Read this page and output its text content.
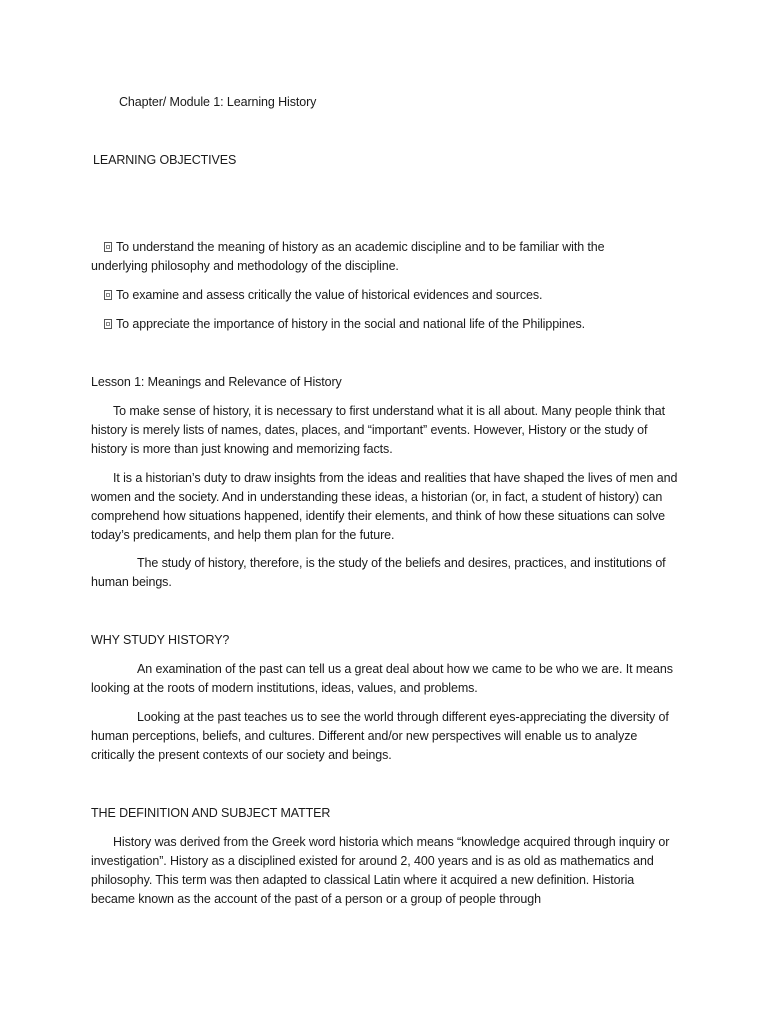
Chapter/ Module 1: Learning History
LEARNING OBJECTIVES
To understand the meaning of history as an academic discipline and to be familiar with the underlying philosophy and methodology of the discipline.
To examine and assess critically the value of historical evidences and sources.
To appreciate the importance of history in the social and national life of the Philippines.
Lesson 1: Meanings and Relevance of History
To make sense of history, it is necessary to first understand what it is all about. Many people think that history is merely lists of names, dates, places, and “important” events. However, History or the study of history is more than just knowing and memorizing facts.
It is a historian’s duty to draw insights from the ideas and realities that have shaped the lives of men and women and the society. And in understanding these ideas, a historian (or, in fact, a student of history) can comprehend how situations happened, identify their elements, and think of how these situations can solve today’s predicaments, and help them plan for the future.
The study of history, therefore, is the study of the beliefs and desires, practices, and institutions of human beings.
WHY STUDY HISTORY?
An examination of the past can tell us a great deal about how we came to be who we are. It means looking at the roots of modern institutions, ideas, values, and problems.
Looking at the past teaches us to see the world through different eyes-appreciating the diversity of human perceptions, beliefs, and cultures. Different and/or new perspectives will enable us to analyze critically the present contexts of our society and beings.
THE DEFINITION AND SUBJECT MATTER
History was derived from the Greek word historia which means “knowledge acquired through inquiry or investigation”. History as a disciplined existed for around 2, 400 years and is as old as mathematics and philosophy. This term was then adapted to classical Latin where it acquired a new definition. Historia became known as the account of the past of a person or a group of people through
